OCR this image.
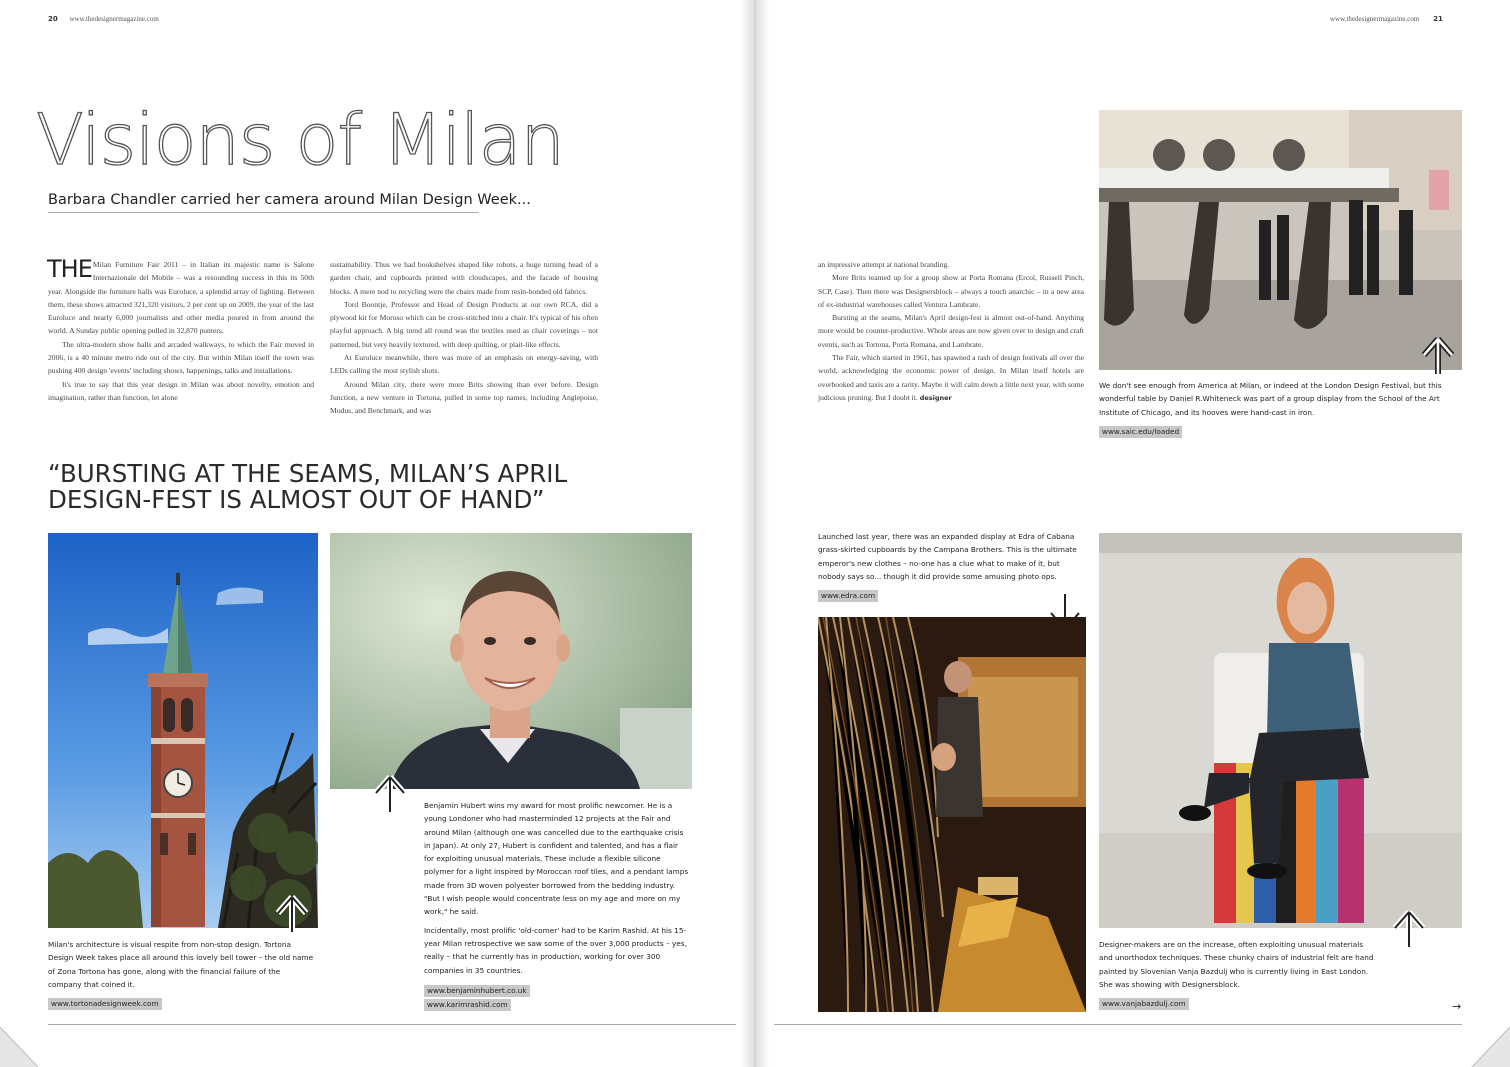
20 www.thedesignermagazine.com	www.thedesignermagazine.com 21
Visions of Milan
Barbara Chandler carried her camera around Milan Design Week...

THE Milan Furniture Fair 2011 – in Italian its majestic name is Salone Internazionale del Mobile – was a resounding success in this its 50th year. Alongside the furniture halls was Euroluce, a splendid array of lighting. Between them, these shows attracted 321,320 visitors, 2 per cent up on 2009, the year of the last Euroluce and nearly 6,000 journalists and other media poured in from around the world. A Sunday public opening pulled in 32,870 punters.

The ultra-modern show halls and arcaded walkways, to which the Fair moved in 2006, is a 40 minute metro ride out of the city. But within Milan itself the town was pushing 400 design 'events' including shows, happenings, talks and installations.

It's true to say that this year design in Milan was about novelty, emotion and imagination, rather than function, let alone

sustainability. Thus we had bookshelves shaped like robots, a huge turning head of a garden chair, and cupboards printed with cloudscapes, and the facade of housing blocks. A mere nod to recycling were the chairs made from resin-bonded old fabrics.

Tord Boontje, Professor and Head of Design Products at our own RCA, did a plywood kit for Moroso which can be cross-stitched into a chair. It's typical of his often playful approach. A big trend all round was the textiles used as chair coverings – not patterned, but very heavily textured, with deep quilting, or plait-like effects.

At Euroluce meanwhile, there was more of an emphasis on energy-saving, with LEDs calling the most stylish shots.

Around Milan city, there were more Brits showing than ever before. Design Junction, a new venture in Tortona, pulled in some top names, including Anglepoise, Modus, and Benchmark, and was

an impressive attempt at national branding.

More Brits teamed up for a group show at Porta Romana (Ercol, Russell Pinch, SCP, Case). Then there was Designersblock – always a touch anarchic – in a new area of ex-industrial warehouses called Ventura Lambrate.

Bursting at the seams, Milan's April design-fest is almost out-of-hand. Anything more would be counter-productive. Whole areas are now given over to design and craft events, such as Tortona, Porta Romana, and Lambrate.

The Fair, which started in 1961, has spawned a rash of design festivals all over the world, acknowledging the economic power of design. In Milan itself hotels are overbooked and taxis are a rarity. Maybe it will calm down a little next year, with some judicious pruning. But I doubt it. designer

“BURSTING AT THE SEAMS, MILAN’S APRIL
DESIGN-FEST IS ALMOST OUT OF HAND”
Milan's architecture is visual respite from non-stop design. Tortona Design Week takes place all around this lovely bell tower – the old name of Zona Tortona has gone, along with the financial failure of the company that coined it.
www.tortonadesignweek.com

Benjamin Hubert wins my award for most prolific newcomer. He is a young Londoner who had masterminded 12 projects at the Fair and around Milan (although one was cancelled due to the earthquake crisis in Japan). At only 27, Hubert is confident and talented, and has a flair for exploiting unusual materials. These include a flexible silicone polymer for a light inspired by Moroccan roof tiles, and a pendant lamps made from 3D woven polyester borrowed from the bedding industry. "But I wish people would concentrate less on my age and more on my work," he said.

Incidentally, most prolific 'old-comer' had to be Karim Rashid. At his 15-year Milan retrospective we saw some of the over 3,000 products – yes, really – that he currently has in production, working for over 300 companies in 35 countries.

www.benjaminhubert.co.uk
www.karimrashid.com
We don't see enough from America at Milan, or indeed at the London Design Festival, but this wonderful table by Daniel R.Whiteneck was part of a group display from the School of the Art Institute of Chicago, and its hooves were hand-cast in iron.
www.saic.edu/loaded
Launched last year, there was an expanded display at Edra of Cabana grass-skirted cupboards by the Campana Brothers. This is the ultimate emperor's new clothes – no-one has a clue what to make of it, but nobody says so... though it did provide some amusing photo ops.
www.edra.com
Designer-makers are on the increase, often exploiting unusual materials and unorthodox techniques. These chunky chairs of industrial felt are hand painted by Slovenian Vanja Bazdulj who is currently living in East London. She was showing with Designersblock.
www.vanjabazdulj.com	→
